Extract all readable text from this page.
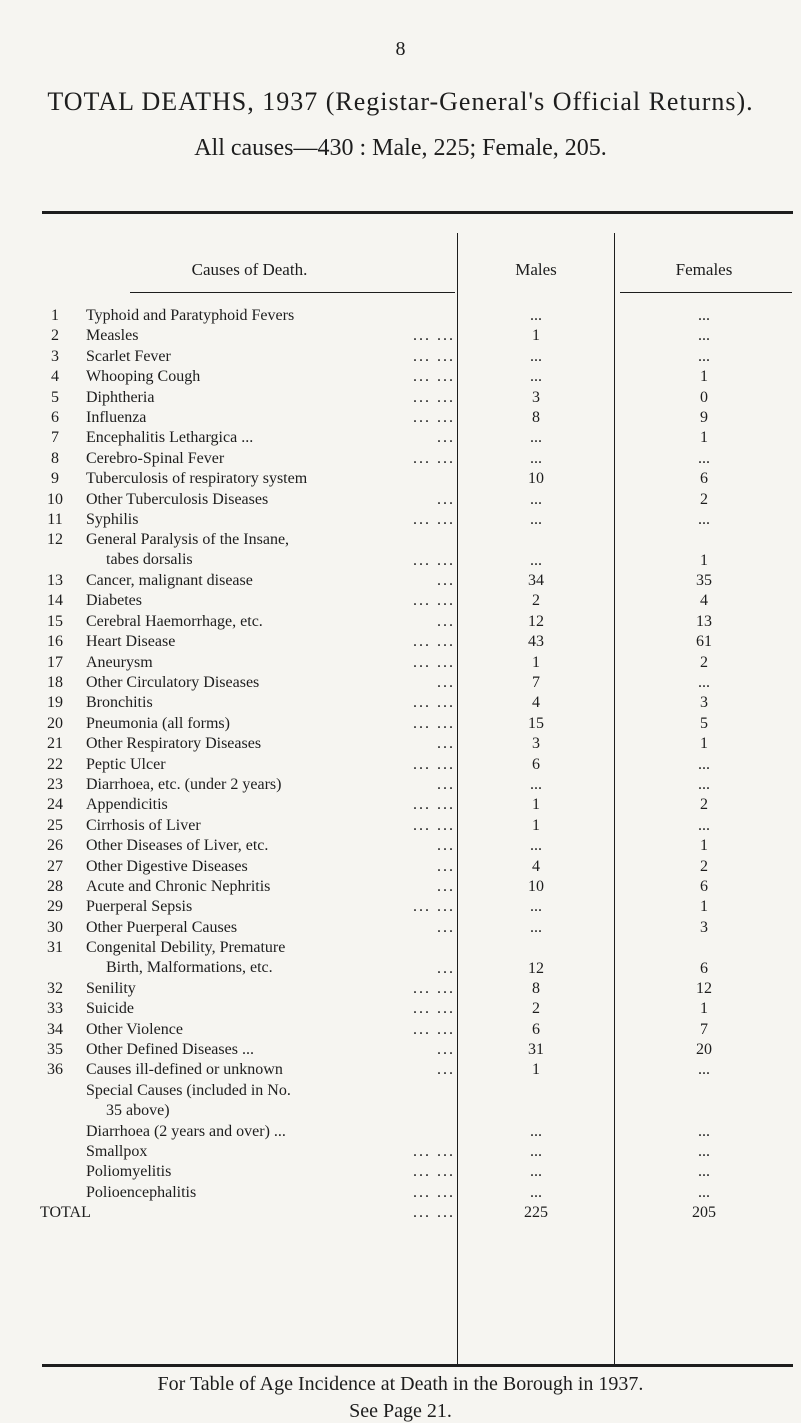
8
TOTAL DEATHS, 1937 (Registar-General's Official Returns).
All causes—430 : Male, 225; Female, 205.
Causes of Death.	Males	Females
1	Typhoid and Paratyphoid Fevers	...	...
2	Measles	... ...	1	...
3	Scarlet Fever	... ...	...	...
4	Whooping Cough	... ...	...	1
5	Diphtheria	... ...	3	0
6	Influenza	... ...	8	9
7	Encephalitis Lethargica ...	...	...	1
8	Cerebro-Spinal Fever	... ...	...	...
9	Tuberculosis of respiratory system	10	6
10	Other Tuberculosis Diseases	...	...	2
11	Syphilis	... ...	...	...
12	General Paralysis of the Insane,
tabes dorsalis	... ...	...	1
13	Cancer, malignant disease	...	34	35
14	Diabetes	... ...	2	4
15	Cerebral Haemorrhage, etc.	...	12	13
16	Heart Disease	... ...	43	61
17	Aneurysm	... ...	1	2
18	Other Circulatory Diseases	...	7	...
19	Bronchitis	... ...	4	3
20	Pneumonia (all forms)	... ...	15	5
21	Other Respiratory Diseases	...	3	1
22	Peptic Ulcer	... ...	6	...
23	Diarrhoea, etc. (under 2 years)	...	...	...
24	Appendicitis	... ...	1	2
25	Cirrhosis of Liver	... ...	1	...
26	Other Diseases of Liver, etc.	...	...	1
27	Other Digestive Diseases	...	4	2
28	Acute and Chronic Nephritis	...	10	6
29	Puerperal Sepsis	... ...	...	1
30	Other Puerperal Causes	...	...	3
31	Congenital Debility, Premature
Birth, Malformations, etc.	...	12	6
32	Senility	... ...	8	12
33	Suicide	... ...	2	1
34	Other Violence	... ...	6	7
35	Other Defined Diseases ...	...	31	20
36	Causes ill-defined or unknown	...	1	...
Special Causes (included in No.
35 above)
Diarrhoea (2 years and over) ...	...	...
Smallpox	... ...	...	...
Poliomyelitis	... ...	...	...
Polioencephalitis	... ...	...	...
TOTAL	... ...	225	205
For Table of Age Incidence at Death in the Borough in 1937.
See Page 21.
